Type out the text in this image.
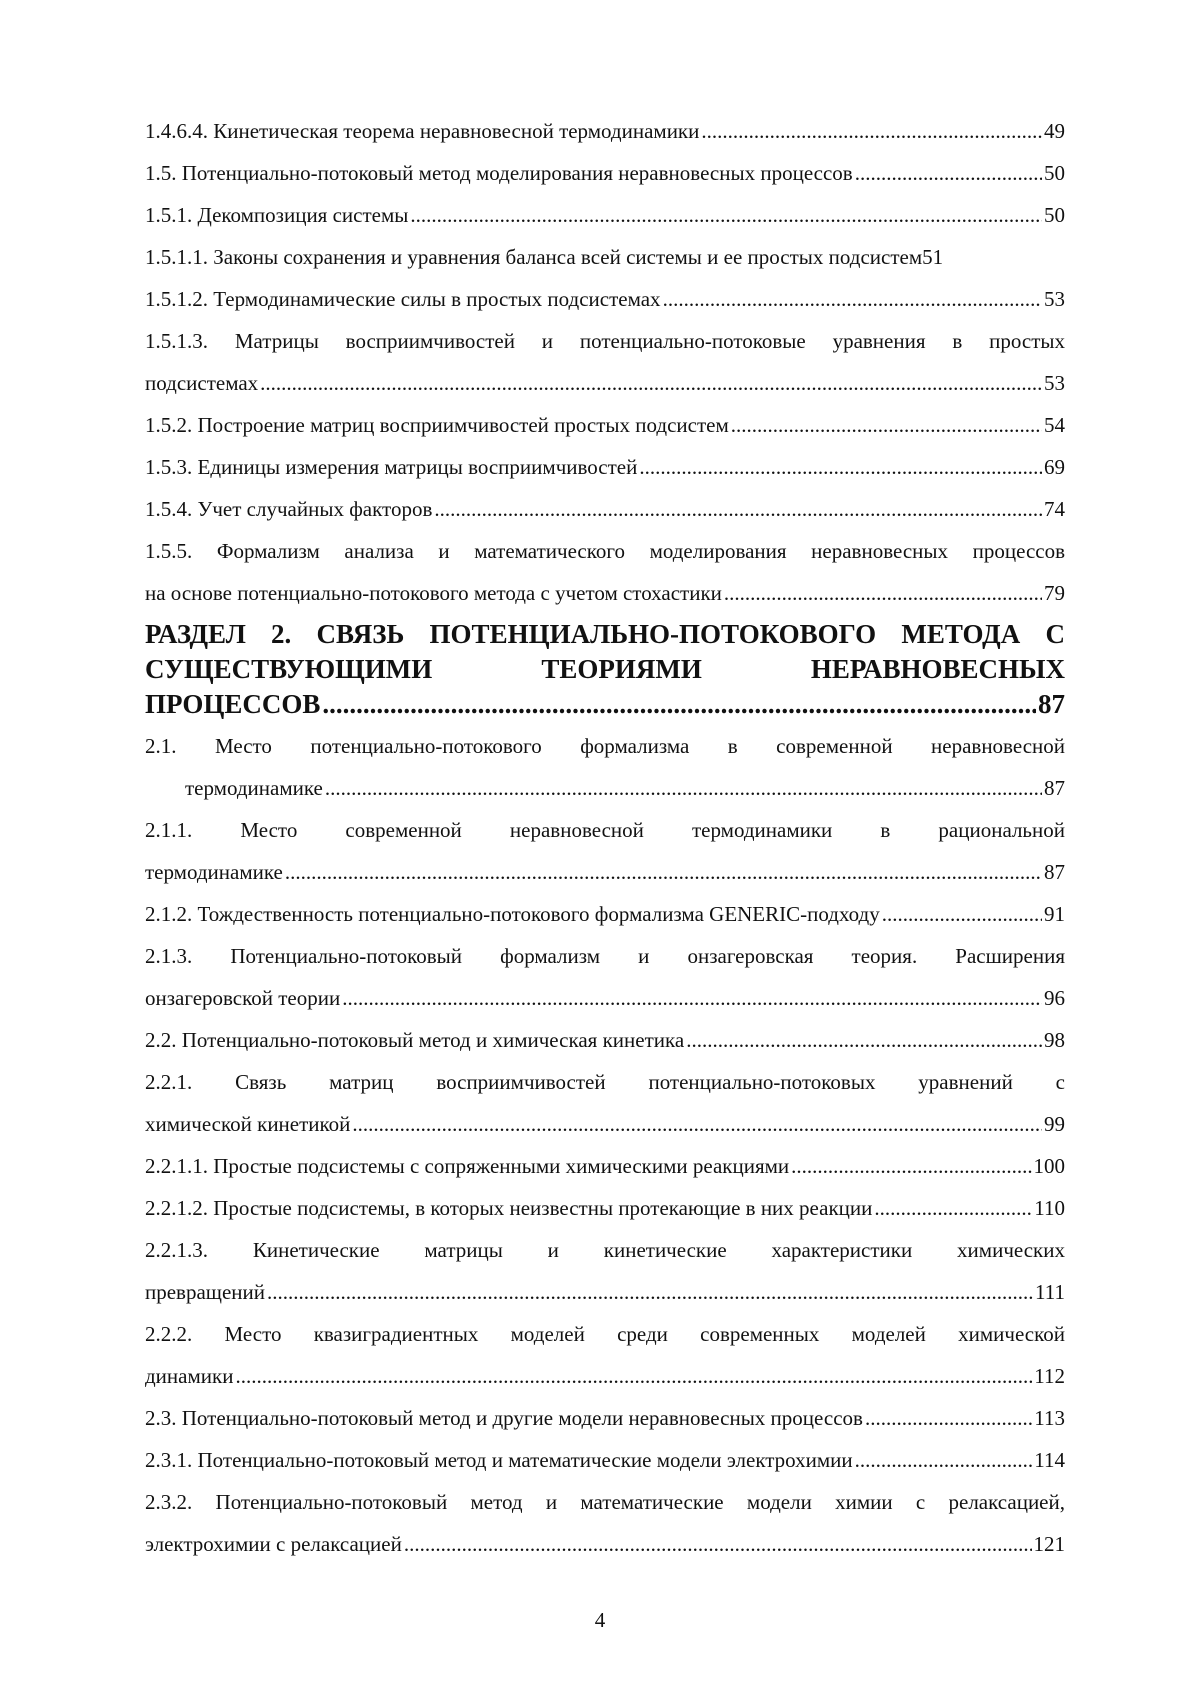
1.4.6.4. Кинетическая теорема неравновесной термодинамики .....	49
1.5. Потенциально-потоковый метод моделирования неравновесных процессов .....	50
1.5.1. Декомпозиция системы .....	50
1.5.1.1. Законы сохранения и уравнения баланса всей системы и ее простых подсистем 51
1.5.1.2. Термодинамические силы в простых подсистемах .....	53
1.5.1.3. Матрицы восприимчивостей и потенциально-потоковые уравнения в простых
подсистемах .....	53
1.5.2. Построение матриц восприимчивостей простых подсистем .....	54
1.5.3. Единицы измерения матрицы восприимчивостей .....	69
1.5.4. Учет случайных факторов .....	74
1.5.5. Формализм анализа и математического моделирования неравновесных процессов
на основе потенциально-потокового метода с учетом стохастики .....	79
РАЗДЕЛ 2. СВЯЗЬ ПОТЕНЦИАЛЬНО-ПОТОКОВОГО МЕТОДА С
СУЩЕСТВУЮЩИМИ ТЕОРИЯМИ НЕРАВНОВЕСНЫХ
ПРОЦЕССОВ .....	87
2.1. Место потенциально-потокового формализма в современной неравновесной
термодинамике .....	87
2.1.1. Место современной неравновесной термодинамики в рациональной
термодинамике .....	87
2.1.2. Тождественность потенциально-потокового формализма GENERIC-подходу .....	91
2.1.3. Потенциально-потоковый формализм и онзагеровская теория. Расширения
онзагеровской теории .....	96
2.2. Потенциально-потоковый метод и химическая кинетика .....	98
2.2.1. Связь матриц восприимчивостей потенциально-потоковых уравнений с
химической кинетикой .....	99
2.2.1.1. Простые подсистемы с сопряженными химическими реакциями .....	100
2.2.1.2. Простые подсистемы, в которых неизвестны протекающие в них реакции .....	110
2.2.1.3. Кинетические матрицы и кинетические характеристики химических
превращений .....	111
2.2.2. Место квазиградиентных моделей среди современных моделей химической
динамики .....	112
2.3. Потенциально-потоковый метод и другие модели неравновесных процессов .....	113
2.3.1. Потенциально-потоковый метод и математические модели электрохимии .....	114
2.3.2. Потенциально-потоковый метод и математические модели химии с релаксацией,
электрохимии с релаксацией .....	121
4
